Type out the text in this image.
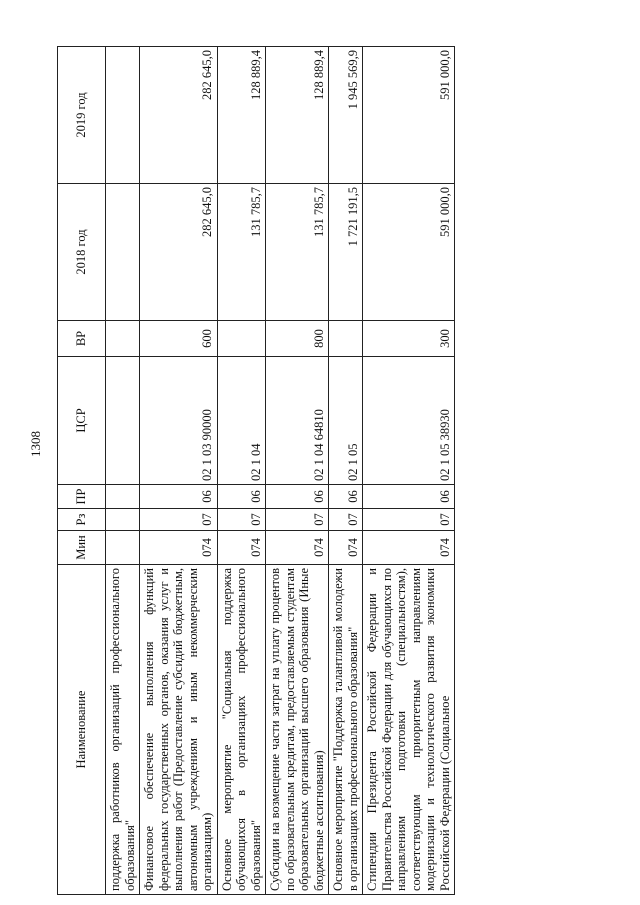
1308
Наименование	Мин	Рз	ПР	ЦСР	ВР	2018 год	2019 год
поддержка работников организаций профессионального образования"							
Финансовое обеспечение выполнения функций федеральных государственных органов, оказания услуг и выполнения работ (Предоставление субсидий бюджетным, автономным учреждениям и иным некоммерческим организациям)	074	07	06	02 1 03 90000	600	282 645,0	282 645,0
Основное мероприятие "Социальная поддержка обучающихся в организациях профессионального образования"	074	07	06	02 1 04		131 785,7	128 889,4
Субсидии на возмещение части затрат на уплату процентов по образовательным кредитам, предоставляемым студентам образовательных организаций высшего образования (Иные бюджетные ассигнования)	074	07	06	02 1 04 64810	800	131 785,7	128 889,4
Основное мероприятие "Поддержка талантливой молодежи в организациях профессионального образования"	074	07	06	02 1 05		1 721 191,5	1 945 569,9
Стипендии Президента Российской Федерации и Правительства Российской Федерации для обучающихся по направлениям подготовки (специальностям), соответствующим приоритетным направлениям модернизации и технологического развития экономики Российской Федерации (Социальное	074	07	06	02 1 05 38930	300	591 000,0	591 000,0
